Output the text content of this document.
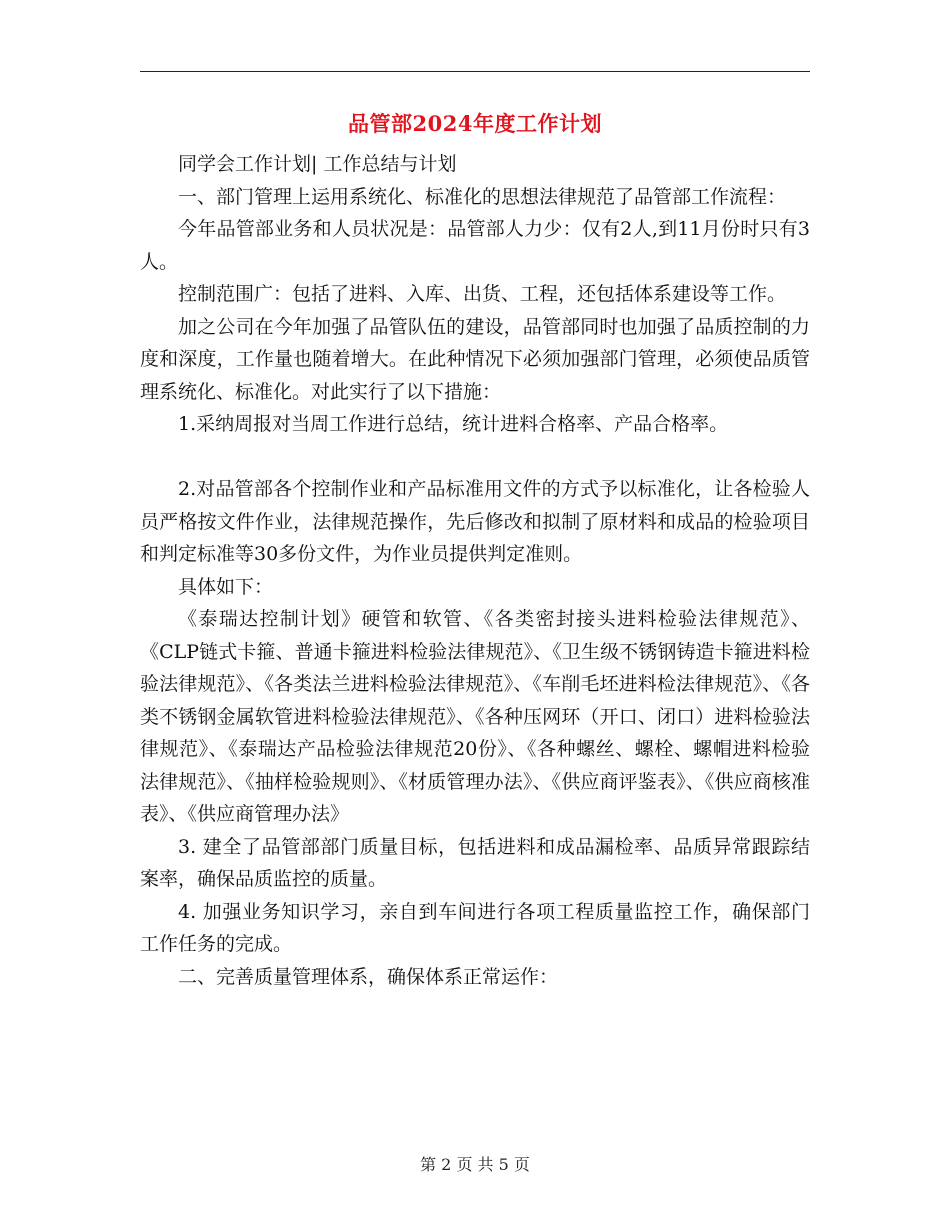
品管部2024年度工作计划

同学会工作计划| 工作总结与计划

一、部门管理上运用系统化、标准化的思想法律规范了品管部工作流程：

今年品管部业务和人员状况是：品管部人力少：仅有2人,到11月份时只有3人。

控制范围广：包括了进料、入库、出货、工程，还包括体系建设等工作。

加之公司在今年加强了品管队伍的建设，品管部同时也加强了品质控制的力度和深度，工作量也随着增大。在此种情况下必须加强部门管理，必须使品质管理系统化、标准化。对此实行了以下措施：

1.采纳周报对当周工作进行总结，统计进料合格率、产品合格率。

2.对品管部各个控制作业和产品标准用文件的方式予以标准化，让各检验人员严格按文件作业，法律规范操作，先后修改和拟制了原材料和成品的检验项目和判定标准等30多份文件，为作业员提供判定准则。

具体如下：

《泰瑞达控制计划》硬管和软管、《各类密封接头进料检验法律规范》、《CLP链式卡箍、普通卡箍进料检验法律规范》、《卫生级不锈钢铸造卡箍进料检验法律规范》、《各类法兰进料检验法律规范》、《车削毛坯进料检法律规范》、《各类不锈钢金属软管进料检验法律规范》、《各种压网环（开口、闭口）进料检验法律规范》、《泰瑞达产品检验法律规范20份》、《各种螺丝、螺栓、螺帽进料检验法律规范》、《抽样检验规则》、《材质管理办法》、《供应商评鉴表》、《供应商核准表》、《供应商管理办法》

3. 建全了品管部部门质量目标，包括进料和成品漏检率、品质异常跟踪结案率，确保品质监控的质量。

4. 加强业务知识学习，亲自到车间进行各项工程质量监控工作，确保部门工作任务的完成。

二、完善质量管理体系，确保体系正常运作：

第 2 页 共 5 页
